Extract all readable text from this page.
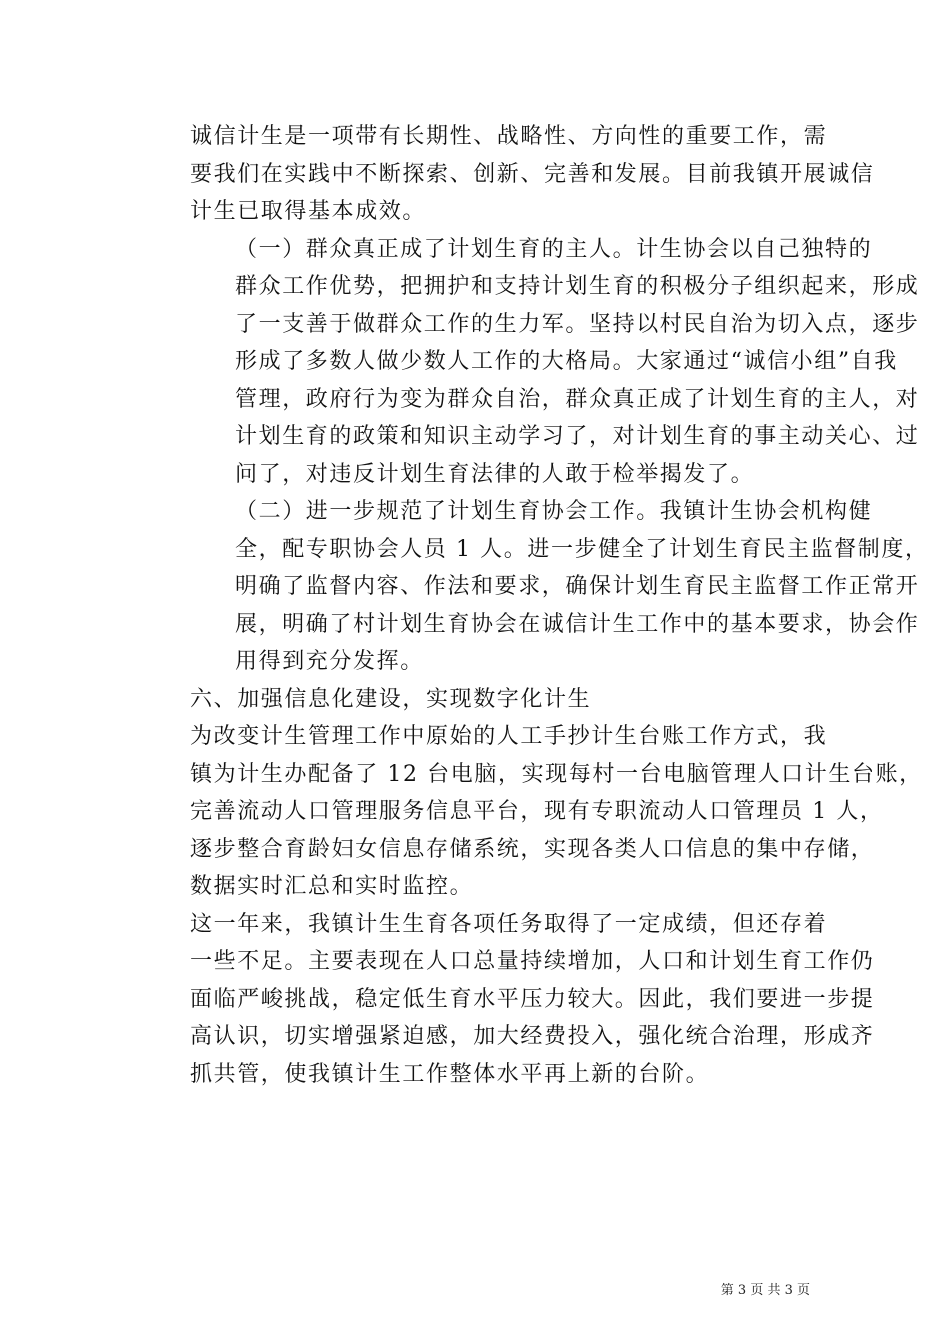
诚信计生是一项带有长期性、战略性、方向性的重要工作，需
要我们在实践中不断探索、创新、完善和发展。目前我镇开展诚信
计生已取得基本成效。

（一）群众真正成了计划生育的主人。计生协会以自己独特的
群众工作优势，把拥护和支持计划生育的积极分子组织起来，形成
了一支善于做群众工作的生力军。坚持以村民自治为切入点，逐步
形成了多数人做少数人工作的大格局。大家通过“诚信小组”自我
管理，政府行为变为群众自治，群众真正成了计划生育的主人，对
计划生育的政策和知识主动学习了，对计划生育的事主动关心、过
问了，对违反计划生育法律的人敢于检举揭发了。

（二）进一步规范了计划生育协会工作。我镇计生协会机构健
全，配专职协会人员 1 人。进一步健全了计划生育民主监督制度，
明确了监督内容、作法和要求，确保计划生育民主监督工作正常开
展，明确了村计划生育协会在诚信计生工作中的基本要求，协会作
用得到充分发挥。

六、加强信息化建设，实现数字化计生

为改变计生管理工作中原始的人工手抄计生台账工作方式，我
镇为计生办配备了 12 台电脑，实现每村一台电脑管理人口计生台账，
完善流动人口管理服务信息平台，现有专职流动人口管理员 1 人，
逐步整合育龄妇女信息存储系统，实现各类人口信息的集中存储，
数据实时汇总和实时监控。

这一年来，我镇计生生育各项任务取得了一定成绩，但还存着
一些不足。主要表现在人口总量持续增加，人口和计划生育工作仍
面临严峻挑战，稳定低生育水平压力较大。因此，我们要进一步提
高认识，切实增强紧迫感，加大经费投入，强化统合治理，形成齐
抓共管，使我镇计生工作整体水平再上新的台阶。

第 3 页 共 3 页
